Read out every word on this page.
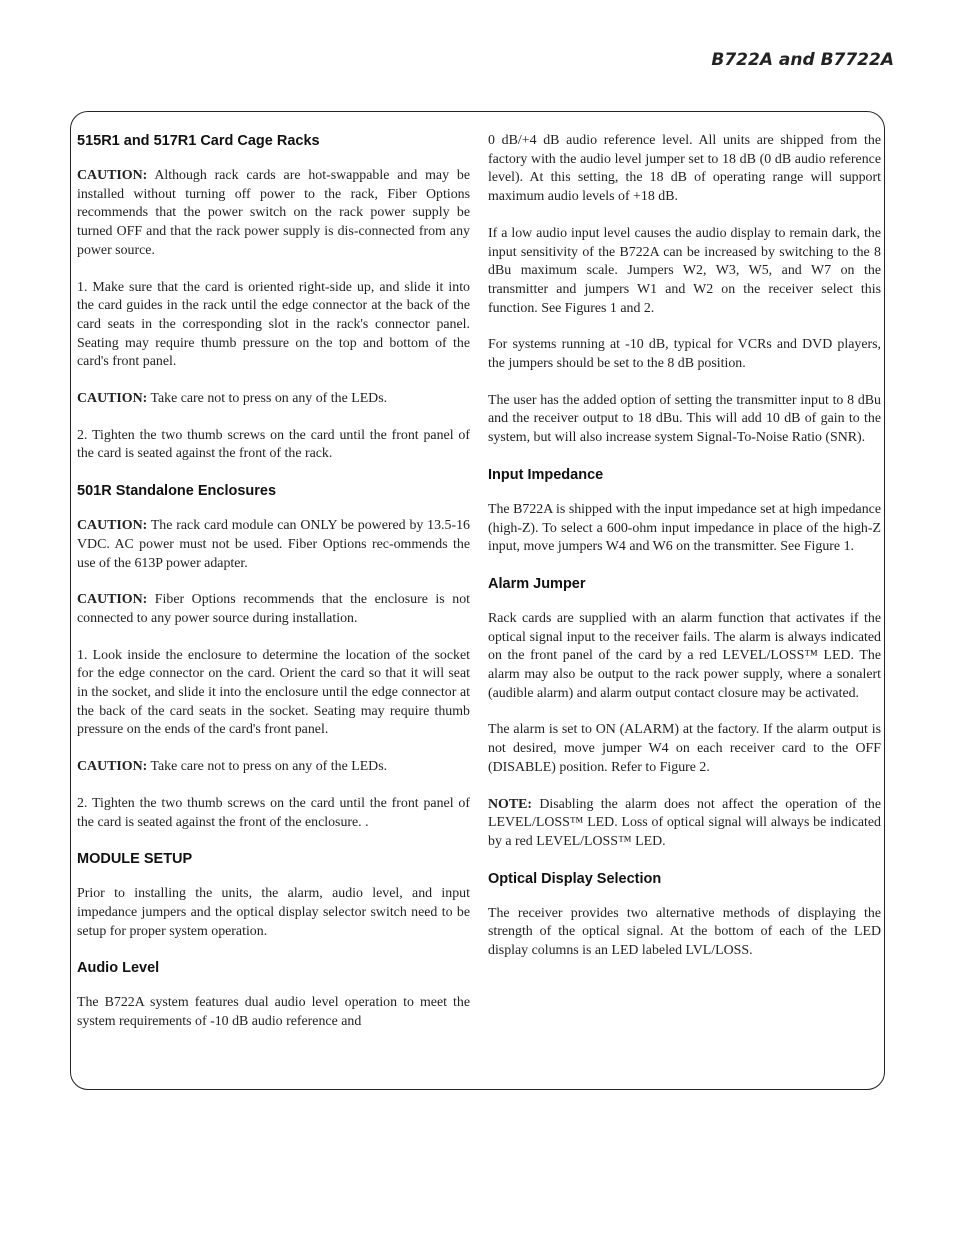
B722A and B7722A
515R1 and 517R1 Card Cage Racks

CAUTION: Although rack cards are hot-swappable and may be installed without turning off power to the rack, Fiber Options recommends that the power switch on the rack power supply be turned OFF and that the rack power supply is dis-connected from any power source.

1. Make sure that the card is oriented right-side up, and slide it into the card guides in the rack until the edge connector at the back of the card seats in the corresponding slot in the rack's connector panel. Seating may require thumb pressure on the top and bottom of the card's front panel.

CAUTION: Take care not to press on any of the LEDs.

2. Tighten the two thumb screws on the card until the front panel of the card is seated against the front of the rack.

501R Standalone Enclosures

CAUTION: The rack card module can ONLY be powered by 13.5-16 VDC. AC power must not be used. Fiber Options rec-ommends the use of the 613P power adapter.

CAUTION: Fiber Options recommends that the enclosure is not connected to any power source during installation.

1. Look inside the enclosure to determine the location of the socket for the edge connector on the card. Orient the card so that it will seat in the socket, and slide it into the enclosure until the edge connector at the back of the card seats in the socket. Seating may require thumb pressure on the ends of the card's front panel.

CAUTION: Take care not to press on any of the LEDs.

2. Tighten the two thumb screws on the card until the front panel of the card is seated against the front of the enclosure. .

MODULE SETUP

Prior to installing the units, the alarm, audio level, and input impedance jumpers and the optical display selector switch need to be setup for proper system operation.

Audio Level

The B722A system features dual audio level operation to meet the system requirements of -10 dB audio reference and

0 dB/+4 dB audio reference level. All units are shipped from the factory with the audio level jumper set to 18 dB (0 dB audio reference level). At this setting, the 18 dB of operating range will support maximum audio levels of +18 dB.

If a low audio input level causes the audio display to remain dark, the input sensitivity of the B722A can be increased by switching to the 8 dBu maximum scale. Jumpers W2, W3, W5, and W7 on the transmitter and jumpers W1 and W2 on the receiver select this function. See Figures 1 and 2.

For systems running at -10 dB, typical for VCRs and DVD players, the jumpers should be set to the 8 dB position.

The user has the added option of setting the transmitter input to 8 dBu and the receiver output to 18 dBu. This will add 10 dB of gain to the system, but will also increase system Signal-To-Noise Ratio (SNR).

Input Impedance

The B722A is shipped with the input impedance set at high impedance (high-Z). To select a 600-ohm input impedance in place of the high-Z input, move jumpers W4 and W6 on the transmitter. See Figure 1.

Alarm Jumper

Rack cards are supplied with an alarm function that activates if the optical signal input to the receiver fails. The alarm is always indicated on the front panel of the card by a red LEVEL/LOSS™ LED. The alarm may also be output to the rack power supply, where a sonalert (audible alarm) and alarm output contact closure may be activated.

The alarm is set to ON (ALARM) at the factory. If the alarm output is not desired, move jumper W4 on each receiver card to the OFF (DISABLE) position. Refer to Figure 2.

NOTE: Disabling the alarm does not affect the operation of the LEVEL/LOSS™ LED. Loss of optical signal will always be indicated by a red LEVEL/LOSS™ LED.

Optical Display Selection

The receiver provides two alternative methods of displaying the strength of the optical signal. At the bottom of each of the LED display columns is an LED labeled LVL/LOSS.
